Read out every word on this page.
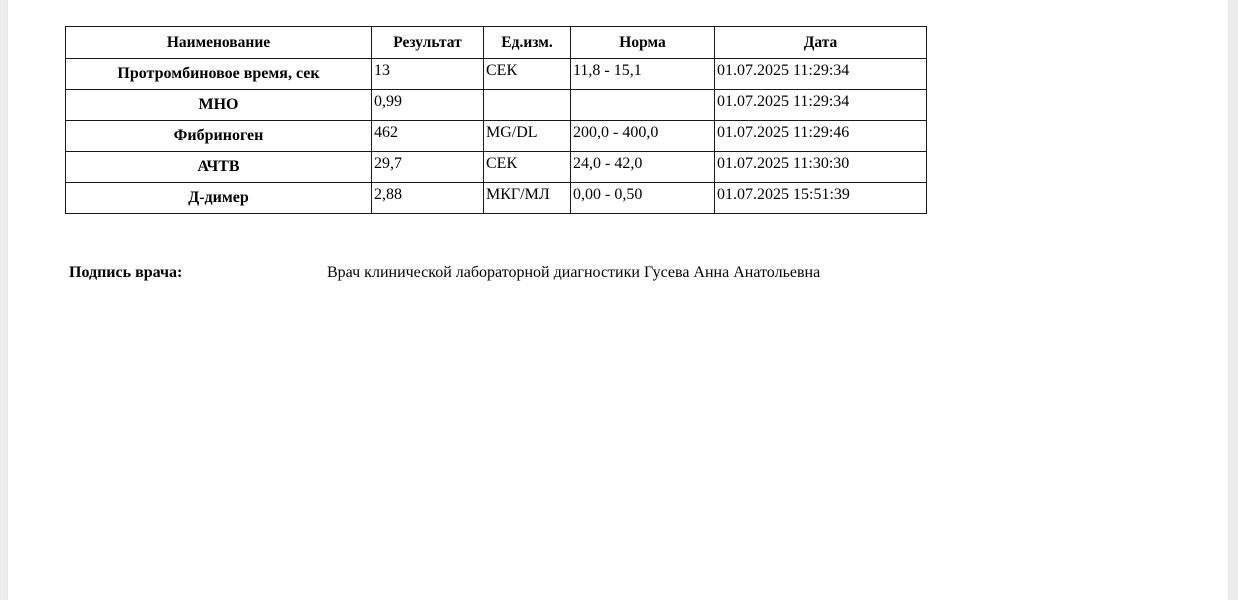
Наименование	Результат	Ед.изм.	Норма	Дата
Протромбиновое время, сек	13	СЕК	11,8 - 15,1	01.07.2025 11:29:34
МНО	0,99			01.07.2025 11:29:34
Фибриноген	462	MG/DL	200,0 - 400,0	01.07.2025 11:29:46
АЧТВ	29,7	СЕК	24,0 - 42,0	01.07.2025 11:30:30
Д-димер	2,88	МКГ/МЛ	0,00 - 0,50	01.07.2025 15:51:39
Подпись врача:	Врач клинической лабораторной диагностики Гусева Анна Анатольевна
